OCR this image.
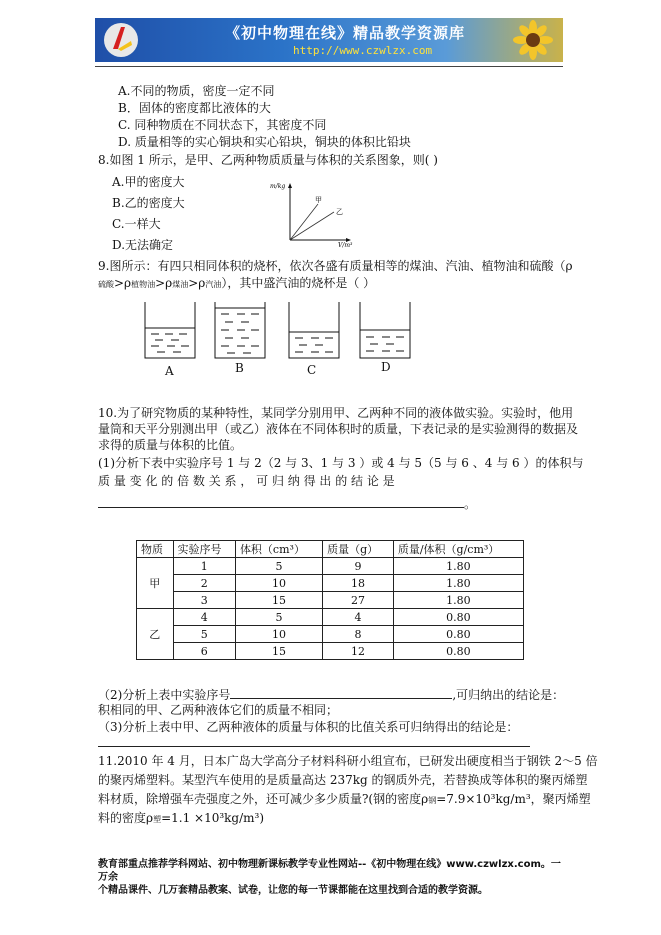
《初中物理在线》精品教学资源库
http://www.czwlzx.com
A.不同的物质，密度一定不同
B．固体的密度都比液体的大
C. 同种物质在不同状态下，其密度不同
D. 质量相等的实心铜块和实心铅块，铜块的体积比铅块
8.如图 1 所示，是甲、乙两种物质质量与体积的关系图象，则( )
A.甲的密度大
B.乙的密度大
C.一样大
D.无法确定
m/kg
V/m³
甲
乙
9.图所示：有四只相同体积的烧杯，依次各盛有质量相等的煤油、汽油、植物油和硫酸（ρ
硫酸>ρ植物油>ρ煤油>ρ汽油），其中盛汽油的烧杯是（ ）
A	B	C	D
10.为了研究物质的某种特性，某同学分别用甲、乙两种不同的液体做实验。实验时，他用
量筒和天平分别测出甲（或乙）液体在不同体积时的质量，下表记录的是实验测得的数据及
求得的质量与体积的比值。
(1)分析下表中实验序号 1 与 2（2 与 3、1 与 3 ）或 4 与 5（5 与 6 、4 与 6 ）的体积与
质 量 变 化 的 倍 数 关 系 ， 可 归 纳 得 出 的 结 论 是
。
物质	实验序号	体积（cm³）	质量（g）	质量/体积（g/cm³）
甲	1	5	9	1.80
	2	10	18	1.80
	3	15	27	1.80
乙	4	5	4	0.80
	5	10	8	0.80
	6	15	12	0.80
（2)分析上表中实验序号	,可归纳出的结论是：
积相同的甲、乙两种液体它们的质量不相同；
（3)分析上表中甲、乙两种液体的质量与体积的比值关系可归纳得出的结论是：
11.2010 年 4 月，日本广岛大学高分子材料科研小组宣布，已研发出硬度相当于钢铁 2～5 倍
的聚丙烯塑料。某型汽车使用的是质量高达 237kg 的钢质外壳，若替换成等体积的聚丙烯塑
料材质，除增强车壳强度之外，还可减少多少质量?(钢的密度ρ钢=7.9×10³kg/m³，聚丙烯塑
料的密度ρ塑=1.1 ×10³kg/m³)
教育部重点推荐学科网站、初中物理新课标教学专业性网站--《初中物理在线》www.czwlzx.com。一万余
个精品课件、几万套精品教案、试卷，让您的每一节课都能在这里找到合适的教学资源。
